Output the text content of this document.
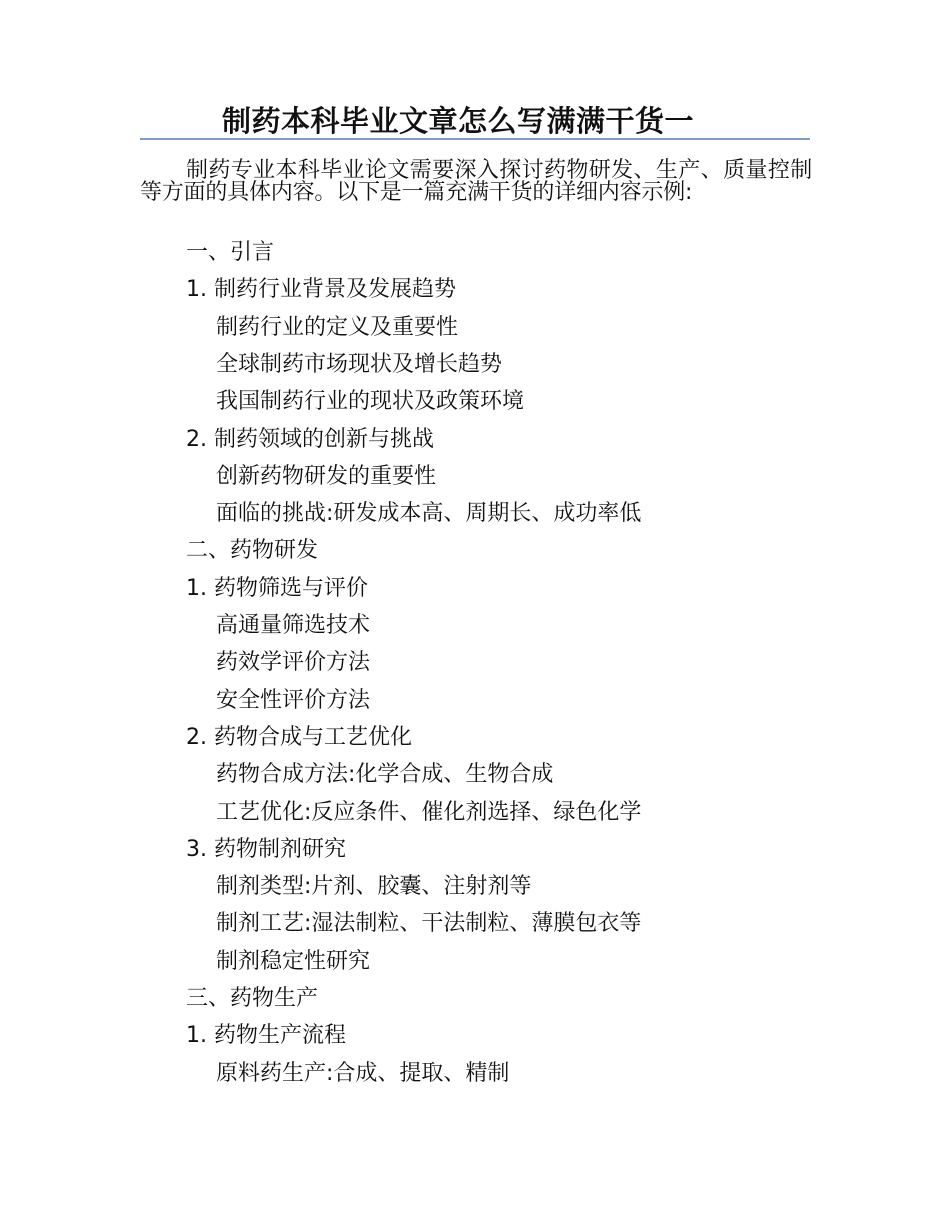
制药本科毕业文章怎么写满满干货一

制药专业本科毕业论文需要深入探讨药物研发、生产、质量控制等方面的具体内容。以下是一篇充满干货的详细内容示例:

一、引言
1. 制药行业背景及发展趋势
制药行业的定义及重要性
全球制药市场现状及增长趋势
我国制药行业的现状及政策环境
2. 制药领域的创新与挑战
创新药物研发的重要性
面临的挑战:研发成本高、周期长、成功率低
二、药物研发
1. 药物筛选与评价
高通量筛选技术
药效学评价方法
安全性评价方法
2. 药物合成与工艺优化
药物合成方法:化学合成、生物合成
工艺优化:反应条件、催化剂选择、绿色化学
3. 药物制剂研究
制剂类型:片剂、胶囊、注射剂等
制剂工艺:湿法制粒、干法制粒、薄膜包衣等
制剂稳定性研究
三、药物生产
1. 药物生产流程
原料药生产:合成、提取、精制
